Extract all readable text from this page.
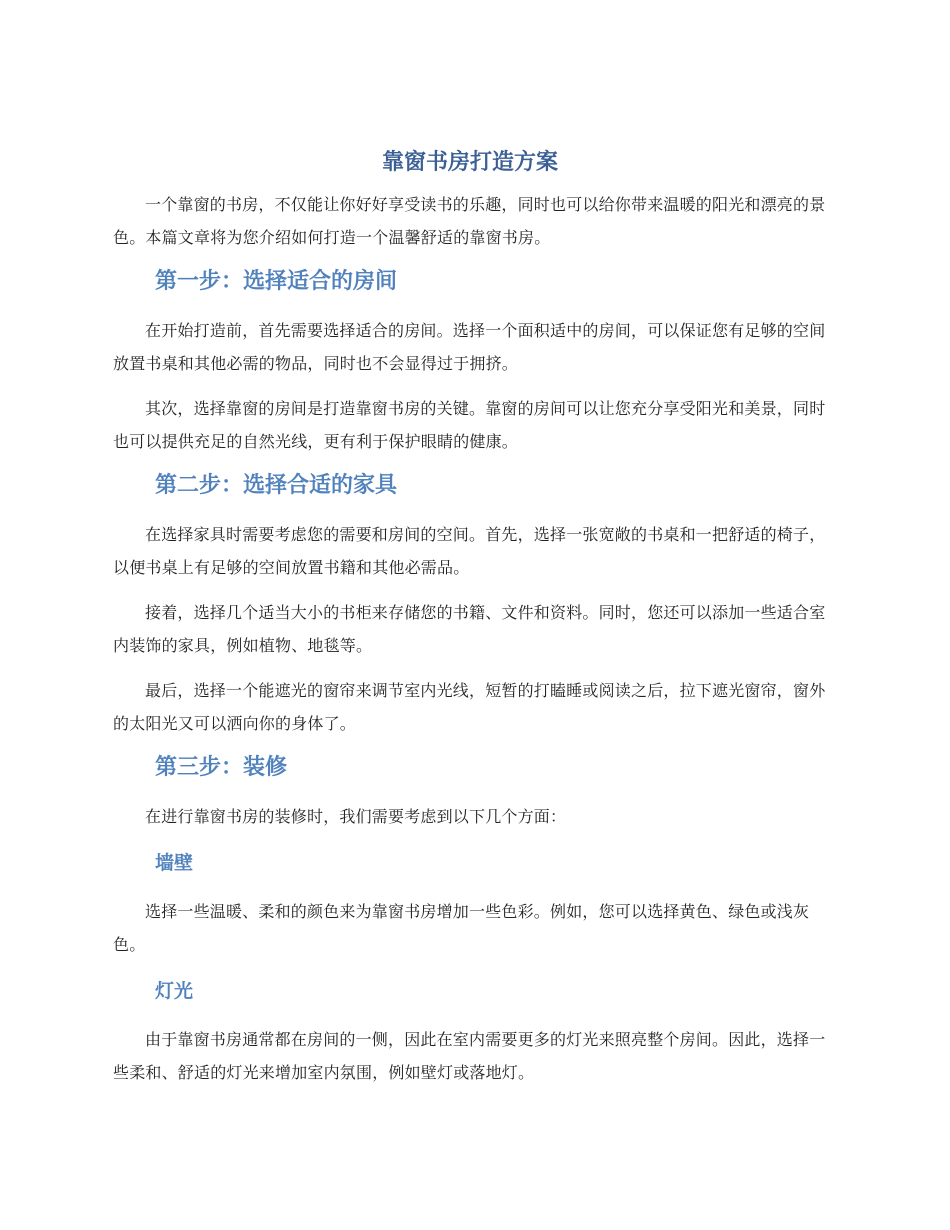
靠窗书房打造方案

一个靠窗的书房，不仅能让你好好享受读书的乐趣，同时也可以给你带来温暖的阳光和漂亮的景色。本篇文章将为您介绍如何打造一个温馨舒适的靠窗书房。

第一步：选择适合的房间

在开始打造前，首先需要选择适合的房间。选择一个面积适中的房间，可以保证您有足够的空间放置书桌和其他必需的物品，同时也不会显得过于拥挤。

其次，选择靠窗的房间是打造靠窗书房的关键。靠窗的房间可以让您充分享受阳光和美景，同时也可以提供充足的自然光线，更有利于保护眼睛的健康。

第二步：选择合适的家具

在选择家具时需要考虑您的需要和房间的空间。首先，选择一张宽敞的书桌和一把舒适的椅子，以便书桌上有足够的空间放置书籍和其他必需品。

接着，选择几个适当大小的书柜来存储您的书籍、文件和资料。同时，您还可以添加一些适合室内装饰的家具，例如植物、地毯等。

最后，选择一个能遮光的窗帘来调节室内光线，短暂的打瞌睡或阅读之后，拉下遮光窗帘，窗外的太阳光又可以洒向你的身体了。

第三步：装修

在进行靠窗书房的装修时，我们需要考虑到以下几个方面：

墙壁

选择一些温暖、柔和的颜色来为靠窗书房增加一些色彩。例如，您可以选择黄色、绿色或浅灰色。

灯光

由于靠窗书房通常都在房间的一侧，因此在室内需要更多的灯光来照亮整个房间。因此，选择一些柔和、舒适的灯光来增加室内氛围，例如壁灯或落地灯。
